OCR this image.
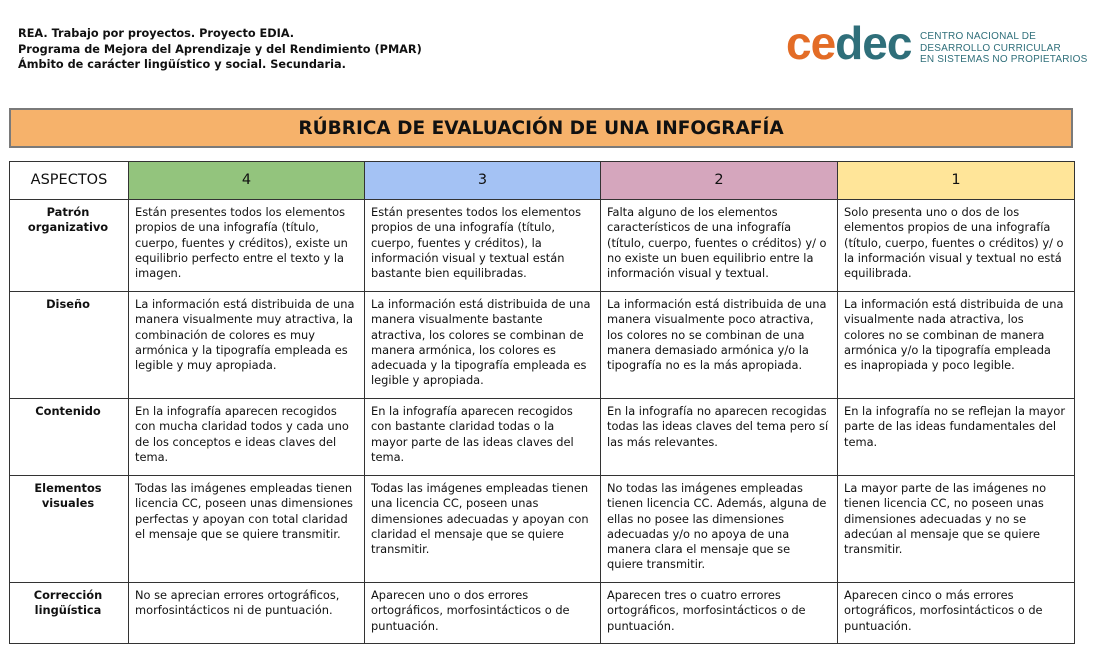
REA. Trabajo por proyectos. Proyecto EDIA.
Programa de Mejora del Aprendizaje y del Rendimiento (PMAR)
Ámbito de carácter lingüístico y social. Secundaria.	cedec CENTRO NACIONAL DE
DESARROLLO CURRICULAR
EN SISTEMAS NO PROPIETARIOS
RÚBRICA DE EVALUACIÓN DE UNA INFOGRAFÍA
ASPECTOS	4	3	2	1
Patrón organizativo	Están presentes todos los elementos propios de una infografía (título, cuerpo, fuentes y créditos), existe un equilibrio perfecto entre el texto y la imagen.	Están presentes todos los elementos propios de una infografía (título, cuerpo, fuentes y créditos), la información visual y textual están bastante bien equilibradas.	Falta alguno de los elementos característicos de una infografía (título, cuerpo, fuentes o créditos) y/ o no existe un buen equilibrio entre la información visual y textual.	Solo presenta uno o dos de los elementos propios de una infografía (título, cuerpo, fuentes o créditos) y/ o la información visual y textual no está equilibrada.
Diseño	La información está distribuida de una manera visualmente muy atractiva, la combinación de colores es muy armónica y la tipografía empleada es legible y muy apropiada.	La información está distribuida de una manera visualmente bastante atractiva, los colores se combinan de manera armónica, los colores es adecuada y la tipografía empleada es legible y apropiada.	La información está distribuida de una manera visualmente poco atractiva, los colores no se combinan de una manera demasiado armónica y/o la tipografía no es la más apropiada.	La información está distribuida de una visualmente nada atractiva, los colores no se combinan de manera armónica y/o la tipografía empleada es inapropiada y poco legible.
Contenido	En la infografía aparecen recogidos con mucha claridad todos y cada uno de los conceptos e ideas claves del tema.	En la infografía aparecen recogidos con bastante claridad todas o la mayor parte de las ideas claves del tema.	En la infografía no aparecen recogidas todas las ideas claves del tema pero sí las más relevantes.	En la infografía no se reflejan la mayor parte de las ideas fundamentales del tema.
Elementos visuales	Todas las imágenes empleadas tienen licencia CC, poseen unas dimensiones perfectas y apoyan con total claridad el mensaje que se quiere transmitir.	Todas las imágenes empleadas tienen una licencia CC, poseen unas dimensiones adecuadas y apoyan con claridad el mensaje que se quiere transmitir.	No todas las imágenes empleadas tienen licencia CC. Además, alguna de ellas no posee las dimensiones adecuadas y/o no apoya de una manera clara el mensaje que se quiere transmitir.	La mayor parte de las imágenes no tienen licencia CC, no poseen unas dimensiones adecuadas y no se adecúan al mensaje que se quiere transmitir.
Corrección lingüística	No se aprecian errores ortográficos, morfosintácticos ni de puntuación.	Aparecen uno o dos errores ortográficos, morfosintácticos o de puntuación.	Aparecen tres o cuatro errores ortográficos, morfosintácticos o de puntuación.	Aparecen cinco o más errores ortográficos, morfosintácticos o de puntuación.
